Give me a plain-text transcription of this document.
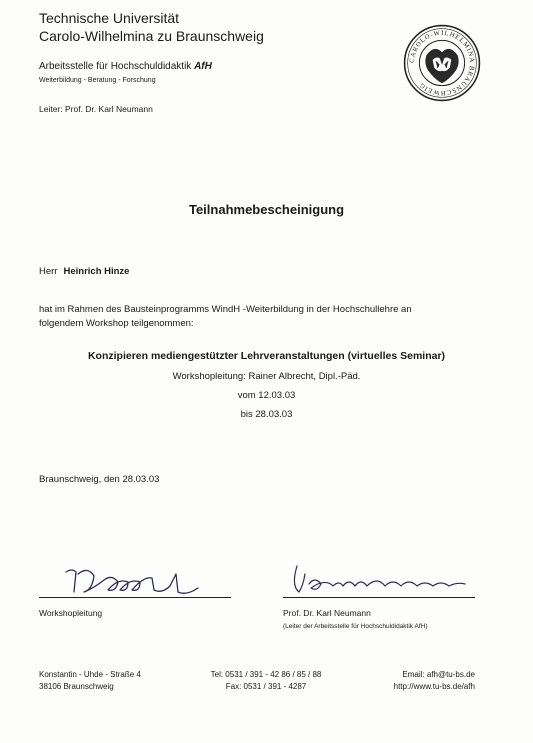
Technische Universität
Carolo-Wilhelmina zu Braunschweig
Arbeitsstelle für Hochschuldidaktik AfH
Weiterbildung - Beratung - Forschung
Leiter: Prof. Dr. Karl Neumann
CAROLO-WILHELMINA BRAUNSCHWEIG
Teilnahmebescheinigung
Herr Heinrich Hinze
hat im Rahmen des Bausteinprogramms WindH -Weiterbildung in der Hochschullehre an
folgendem Workshop teilgenommen:
Konzipieren mediengestützter Lehrveranstaltungen (virtuelles Seminar)
Workshopleitung: Rainer Albrecht, Dipl.-Päd.
vom 12.03.03
bis 28.03.03
Braunschweig, den 28.03.03
Workshopleitung	Prof. Dr. Karl Neumann
(Leiter der Arbeitsstelle für Hochschuldidaktik AfH)
Konstantin - Uhde - Straße 4
38106 Braunschweig
Tel: 0531 / 391 - 42 86 / 85 / 88
Fax: 0531 / 391 - 4287
Email: afh@tu-bs.de
http://www.tu-bs.de/afh
